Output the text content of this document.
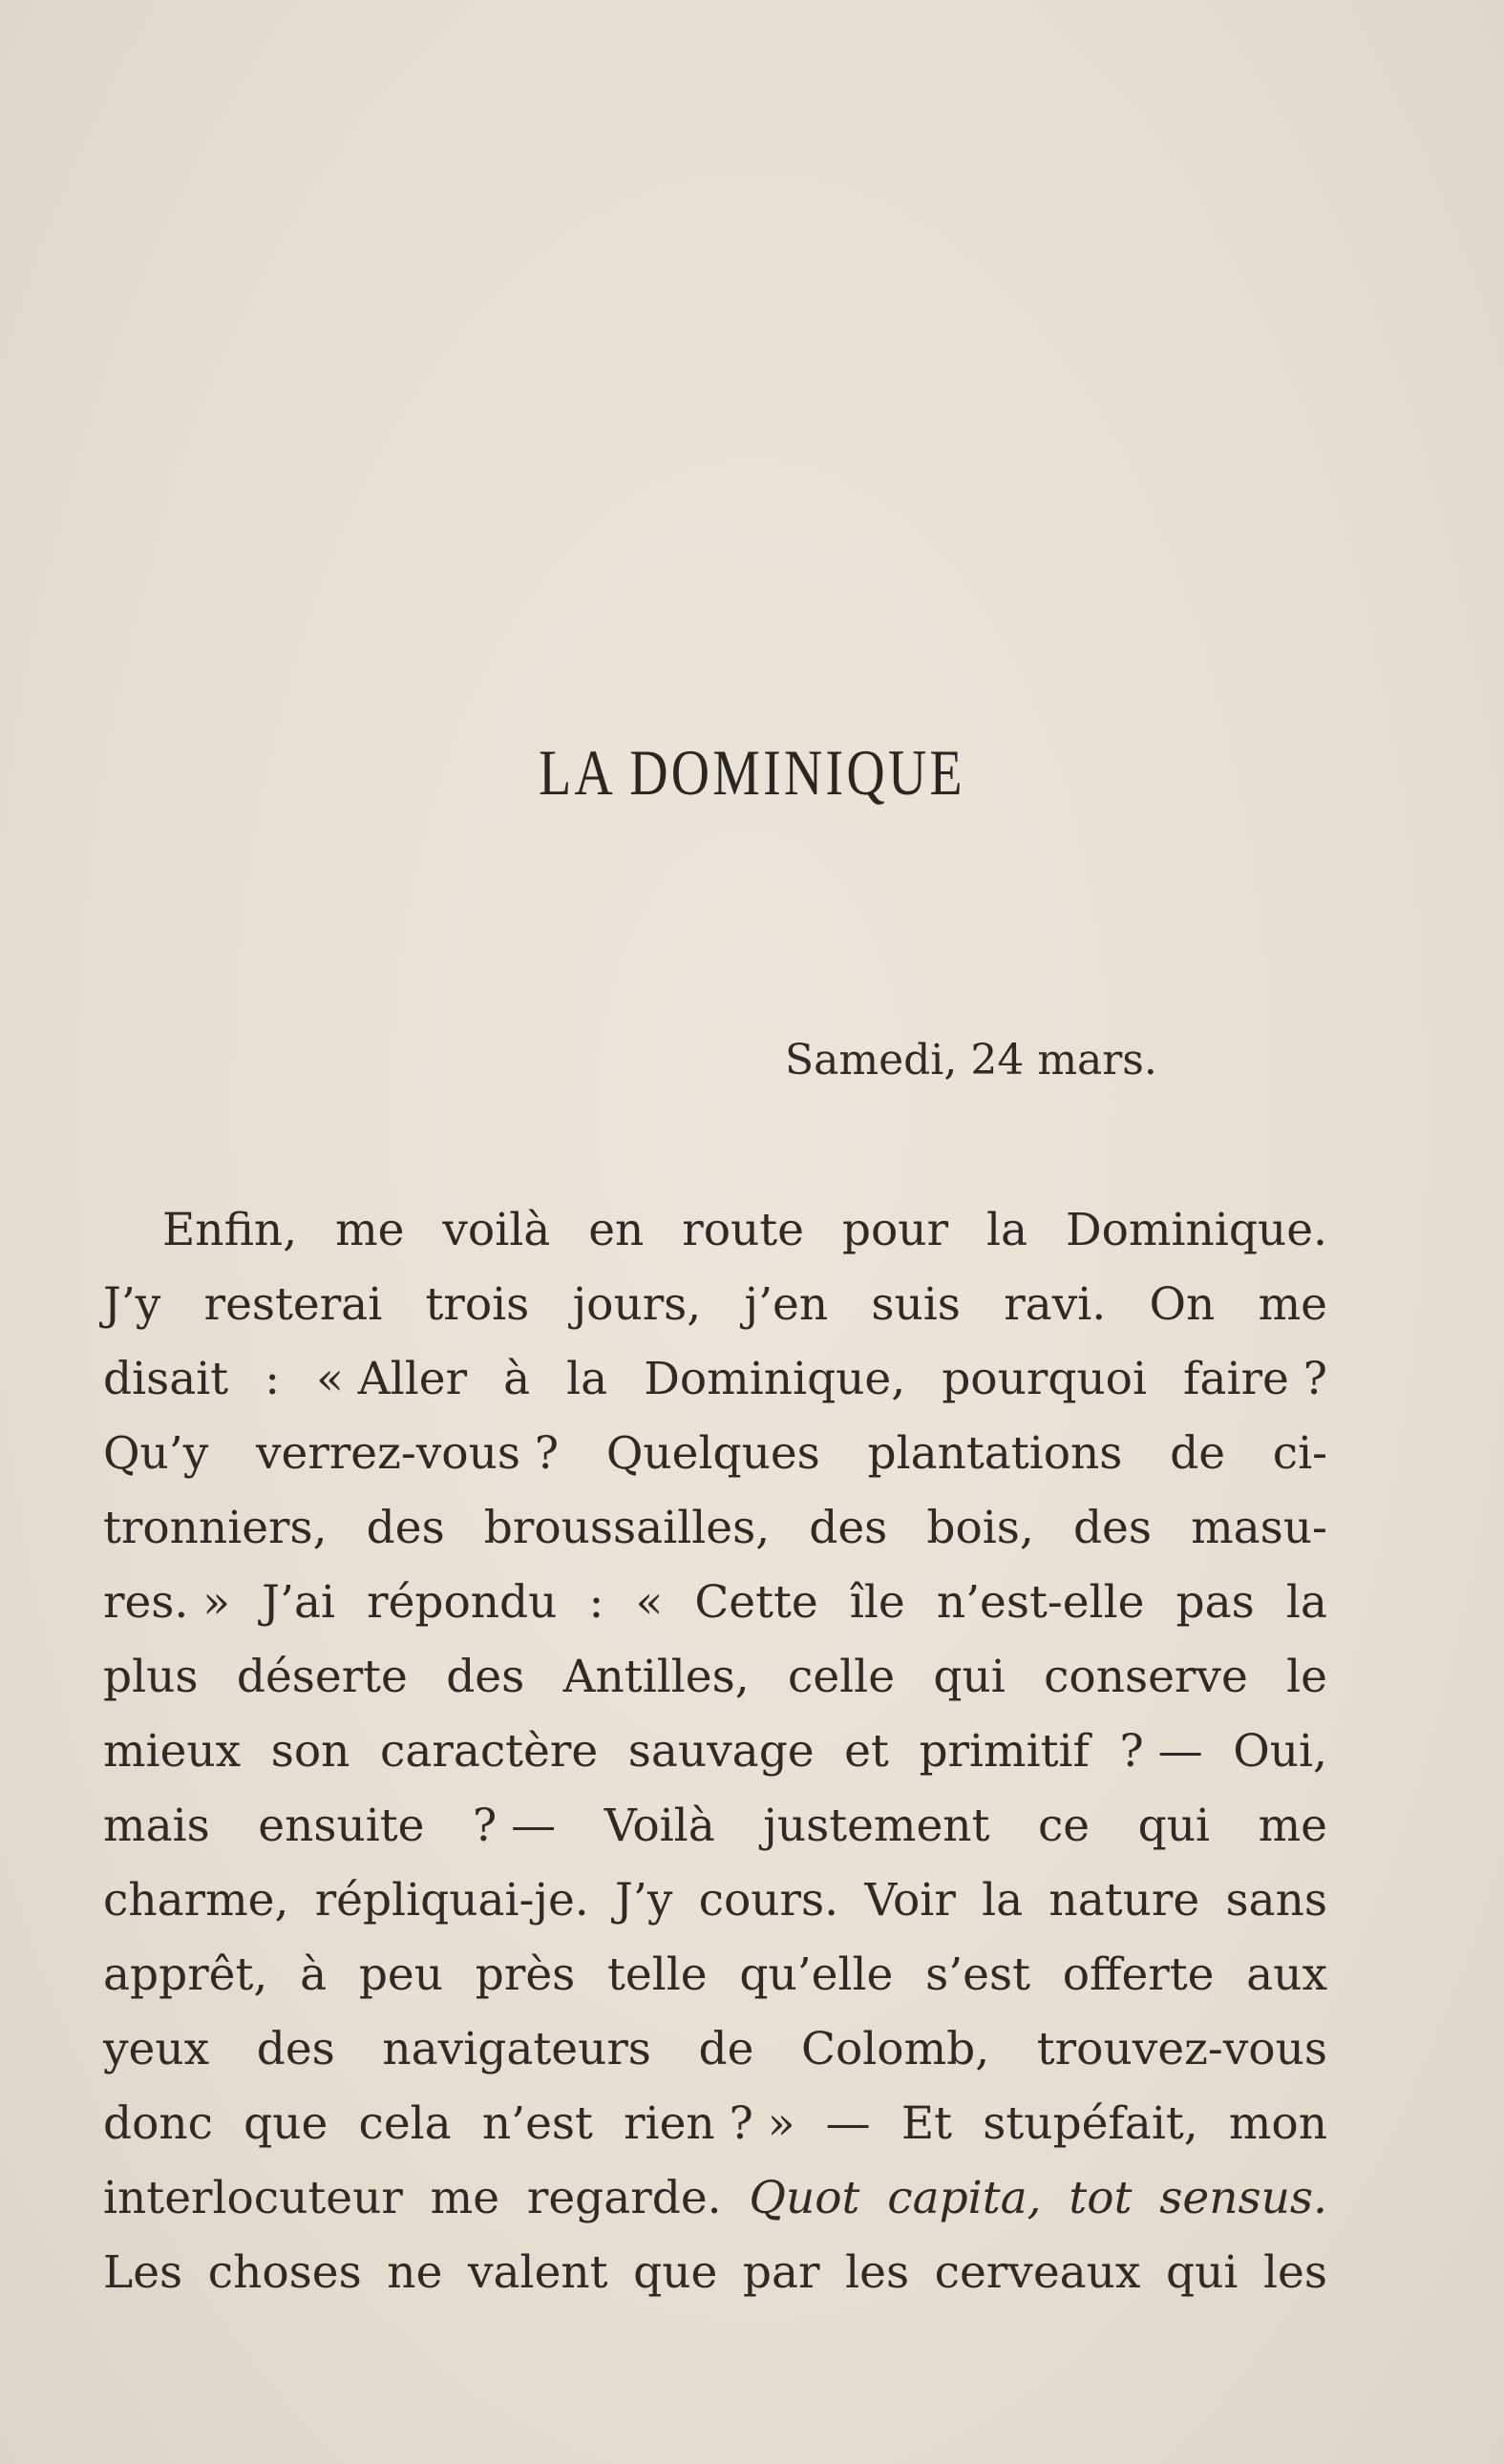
LA DOMINIQUE

Samedi, 24 mars.

Enfin, me voilà en route pour la Dominique.
J’y resterai trois jours, j’en suis ravi. On me
disait : « Aller à la Dominique, pourquoi faire ?
Qu’y verrez-vous ? Quelques plantations de ci-
tronniers, des broussailles, des bois, des masu-
res. » J’ai répondu : « Cette île n’est-elle pas la
plus déserte des Antilles, celle qui conserve le
mieux son caractère sauvage et primitif ? — Oui,
mais ensuite ? — Voilà justement ce qui me
charme, répliquai-je. J’y cours. Voir la nature sans
apprêt, à peu près telle qu’elle s’est offerte aux
yeux des navigateurs de Colomb, trouvez-vous
donc que cela n’est rien ? » — Et stupéfait, mon
interlocuteur me regarde. Quot capita, tot sensus.
Les choses ne valent que par les cerveaux qui les
